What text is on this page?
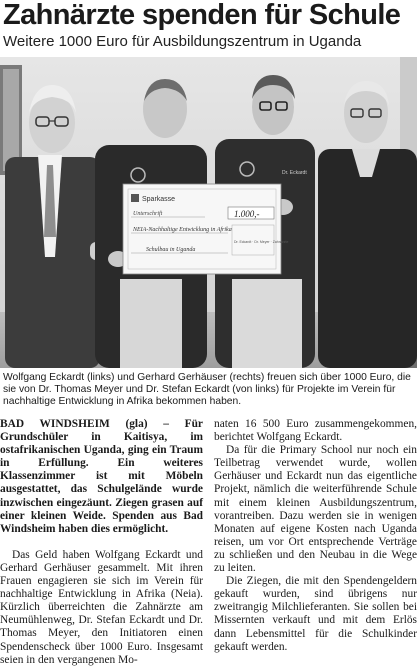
Zahnärzte spenden für Schule
Weitere 1000 Euro für Ausbildungszentrum in Uganda
Dr. Eckardt
Sparkasse
Unterschrift	1.000,-
NEIA-Nachhaltige Entwicklung in Afrika
Schulbau in Uganda
Dr. Eckardt · Dr. Meyer · Zahnärzte

Wolfgang Eckardt (links) und Gerhard Gerhäuser (rechts) freuen sich über 1000 Euro, die sie von Dr. Thomas Meyer und Dr. Stefan Eckardt (von links) für Projekte im Verein für nachhaltige Entwicklung in Afrika bekommen haben.

BAD WINDSHEIM (gla) – Für Grundschüler in Kaitisya, im ostafrikanischen Uganda, ging ein Traum in Erfüllung. Ein weiteres Klassenzimmer ist mit Möbeln ausgestattet, das Schulgelände wurde inzwischen eingezäunt. Ziegen grasen auf einer kleinen Weide. Spenden aus Bad Windsheim haben dies ermöglicht.

Das Geld haben Wolfgang Eckardt und Gerhard Gerhäuser gesammelt. Mit ihren Frauen engagieren sie sich im Verein für nachhaltige Entwicklung in Afrika (Neia). Kürzlich überreichten die Zahnärzte am Neumühlenweg, Dr. Stefan Eckardt und Dr. Thomas Meyer, den Initiatoren einen Spendenscheck über 1000 Euro. Insgesamt seien in den vergangenen Mo-

naten 16 500 Euro zusammengekommen, berichtet Wolfgang Eckardt.

Da für die Primary School nur noch ein Teilbetrag verwendet wurde, wollen Gerhäuser und Eckardt nun das eigentliche Projekt, nämlich die weiterführende Schule mit einem kleinen Ausbildungszentrum, vorantreiben. Dazu werden sie in wenigen Monaten auf eigene Kosten nach Uganda reisen, um vor Ort entsprechende Verträge zu schließen und den Neubau in die Wege zu leiten.

Die Ziegen, die mit den Spendengeldern gekauft wurden, sind übrigens nur zweitrangig Milchlieferanten. Sie sollen bei Missernten verkauft und mit dem Erlös dann Lebensmittel für die Schulkinder gekauft werden.
